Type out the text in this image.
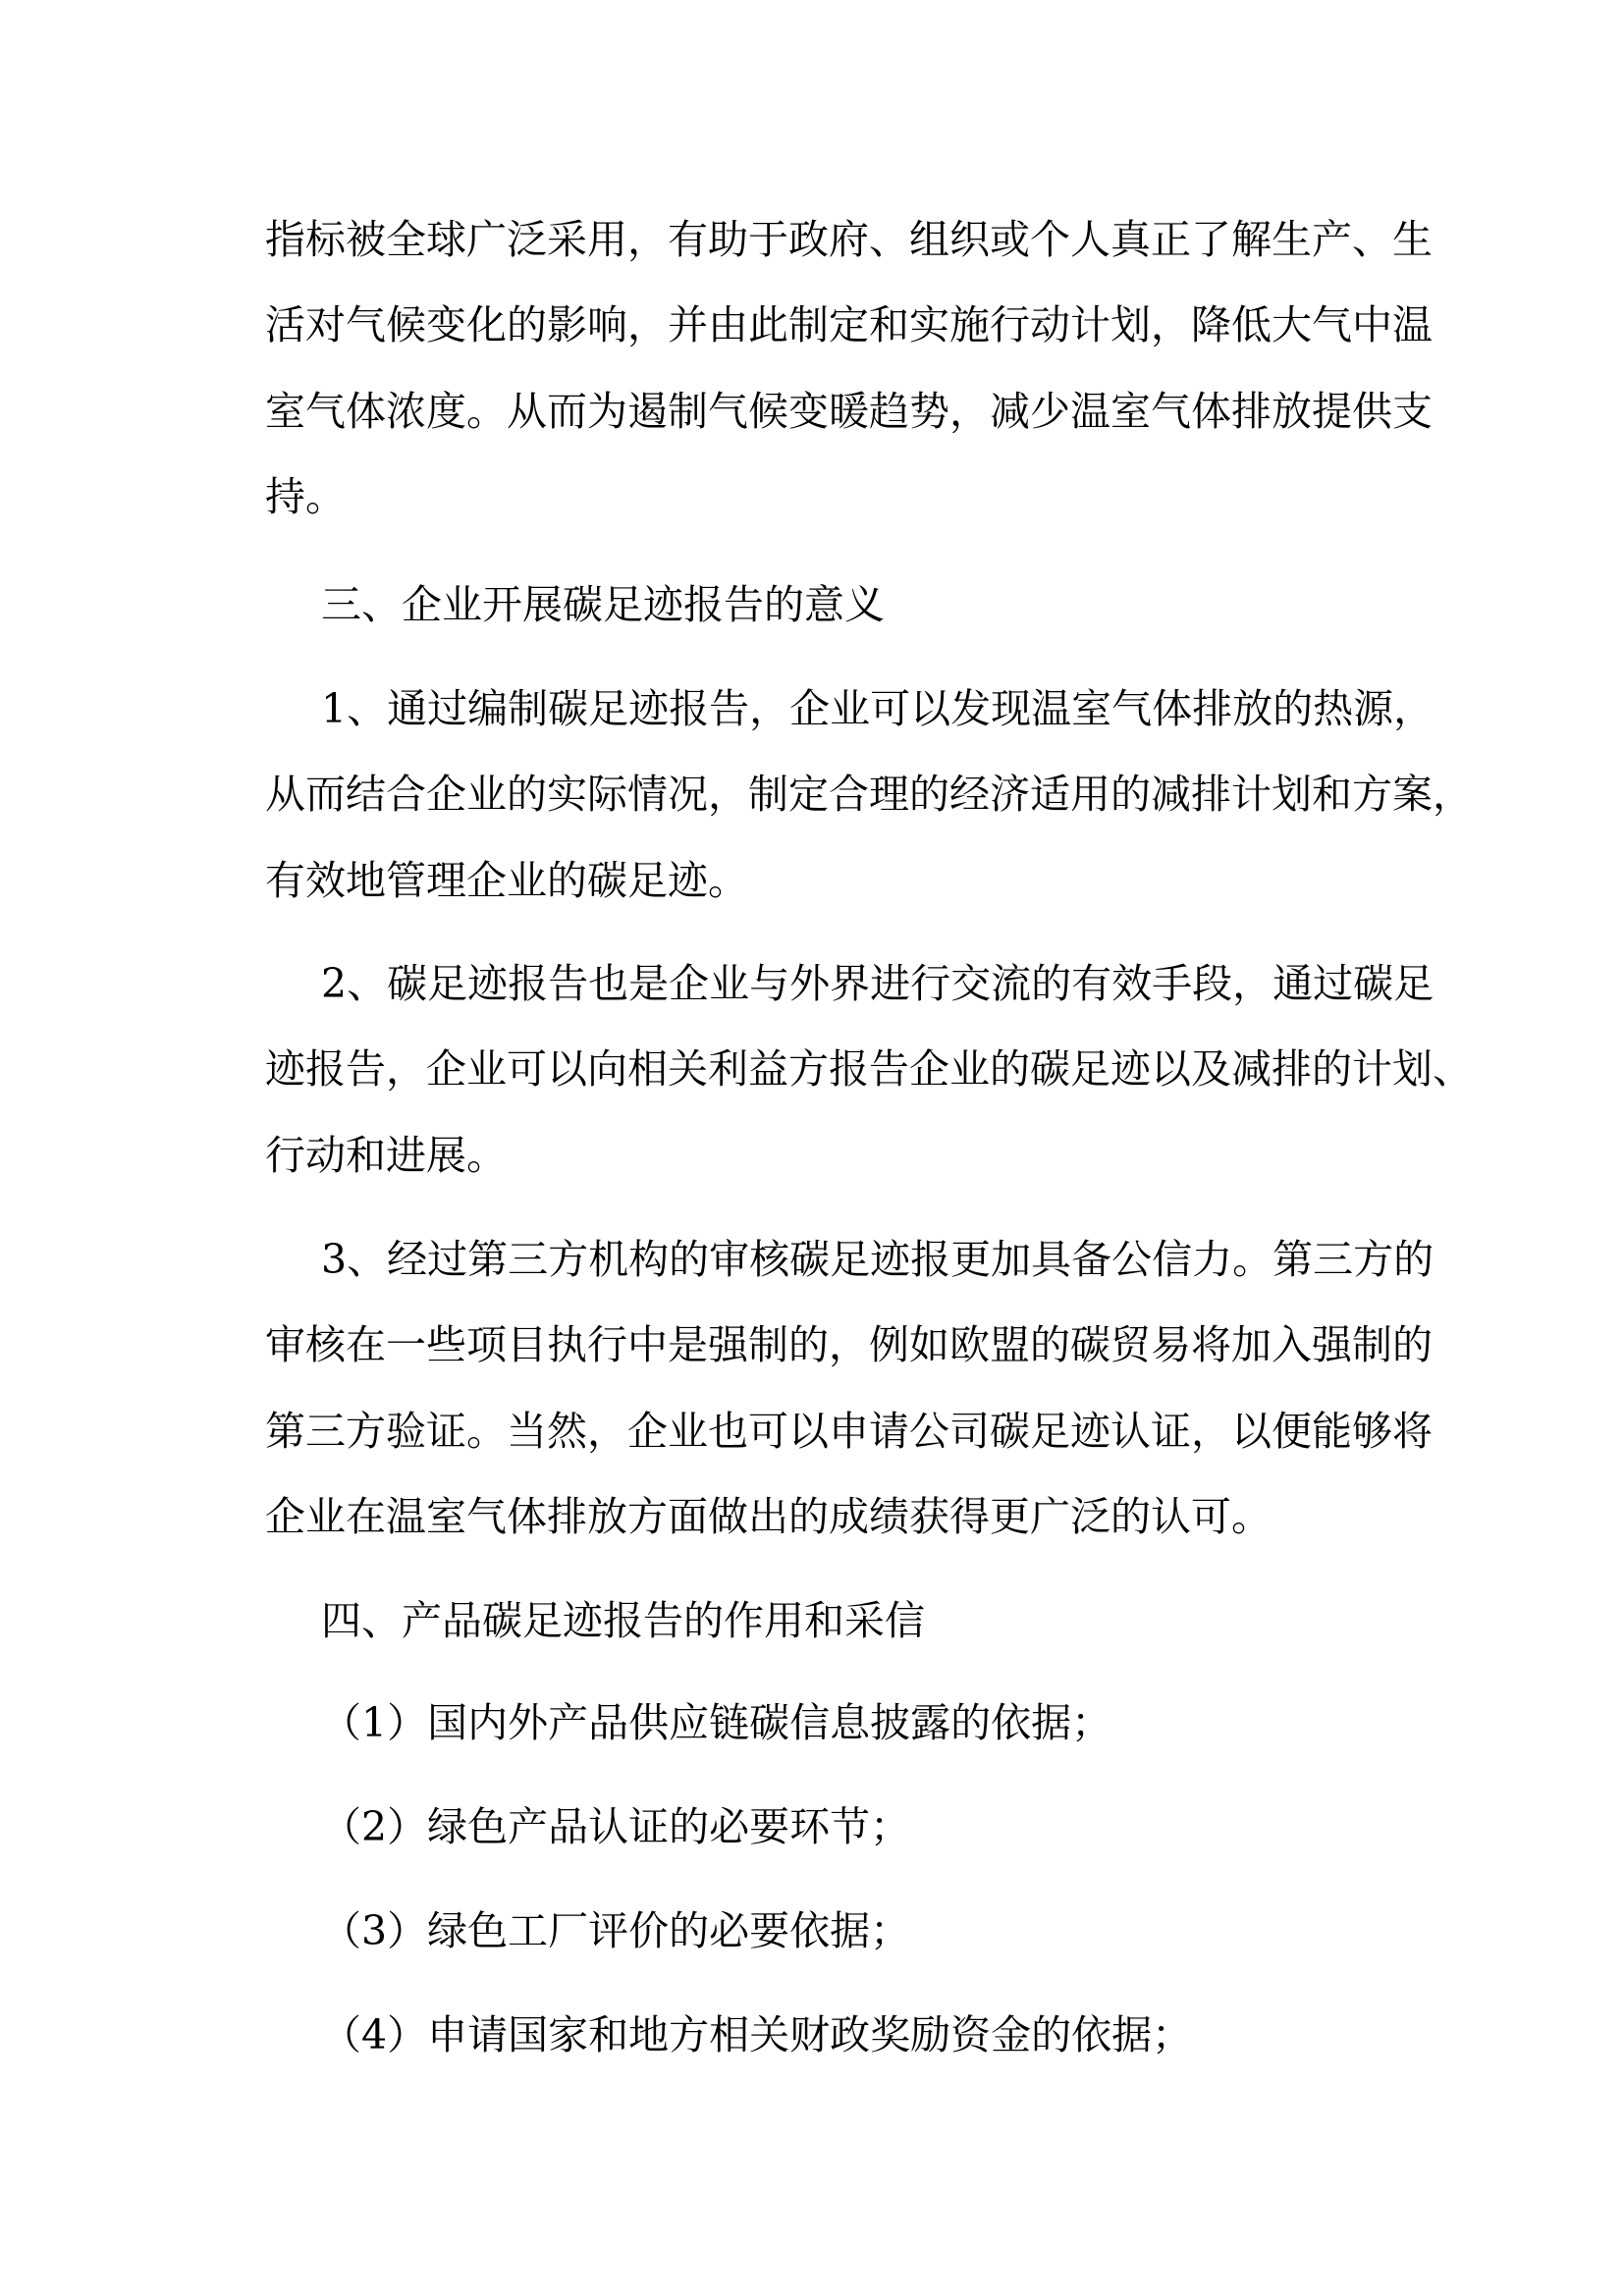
指标被全球广泛采用，有助于政府、组织或个人真正了解生产、生

活对气候变化的影响，并由此制定和实施行动计划，降低大气中温

室气体浓度。从而为遏制气候变暖趋势，减少温室气体排放提供支

持。

三、企业开展碳足迹报告的意义

1、通过编制碳足迹报告，企业可以发现温室气体排放的热源，

从而结合企业的实际情况，制定合理的经济适用的减排计划和方案，

有效地管理企业的碳足迹。

2、碳足迹报告也是企业与外界进行交流的有效手段，通过碳足

迹报告，企业可以向相关利益方报告企业的碳足迹以及减排的计划、

行动和进展。

3、经过第三方机构的审核碳足迹报更加具备公信力。第三方的

审核在一些项目执行中是强制的，例如欧盟的碳贸易将加入强制的

第三方验证。当然，企业也可以申请公司碳足迹认证，以便能够将

企业在温室气体排放方面做出的成绩获得更广泛的认可。

四、产品碳足迹报告的作用和采信

（1）国内外产品供应链碳信息披露的依据；

（2）绿色产品认证的必要环节；

（3）绿色工厂评价的必要依据；

（4）申请国家和地方相关财政奖励资金的依据；
